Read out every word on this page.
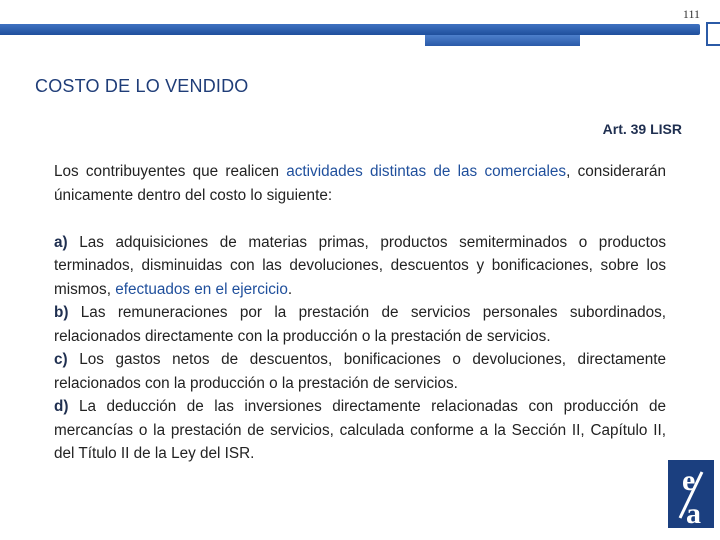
111
COSTO DE LO VENDIDO
Art. 39 LISR

Los contribuyentes que realicen actividades distintas de las comerciales, considerarán únicamente dentro del costo lo siguiente:

a) Las adquisiciones de materias primas, productos semiterminados o productos terminados, disminuidas con las devoluciones, descuentos y bonificaciones, sobre los mismos, efectuados en el ejercicio.

b) Las remuneraciones por la prestación de servicios personales subordinados, relacionados directamente con la producción o la prestación de servicios.

c) Los gastos netos de descuentos, bonificaciones o devoluciones, directamente relacionados con la producción o la prestación de servicios.

d) La deducción de las inversiones directamente relacionadas con producción de mercancías o la prestación de servicios, calculada conforme a la Sección II, Capítulo II, del Título II de la Ley del ISR.

e
a
